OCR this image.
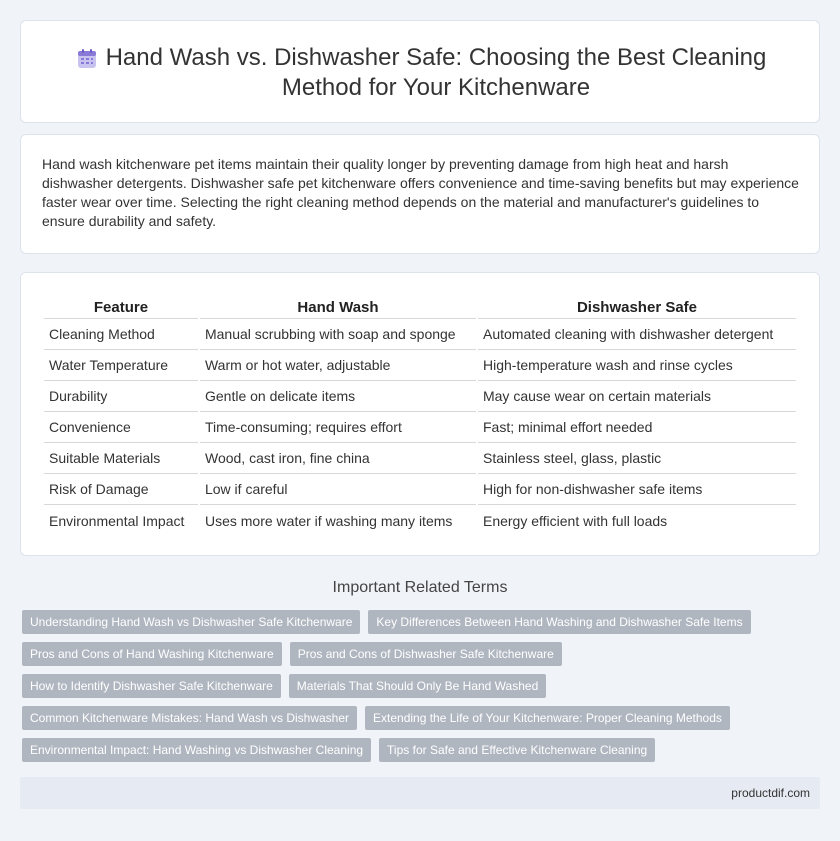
Hand Wash vs. Dishwasher Safe: Choosing the Best Cleaning Method for Your Kitchenware

Hand wash kitchenware pet items maintain their quality longer by preventing damage from high heat and harsh dishwasher detergents. Dishwasher safe pet kitchenware offers convenience and time-saving benefits but may experience faster wear over time. Selecting the right cleaning method depends on the material and manufacturer's guidelines to ensure durability and safety.

Feature	Hand Wash	Dishwasher Safe
Cleaning Method	Manual scrubbing with soap and sponge	Automated cleaning with dishwasher detergent
Water Temperature	Warm or hot water, adjustable	High-temperature wash and rinse cycles
Durability	Gentle on delicate items	May cause wear on certain materials
Convenience	Time-consuming; requires effort	Fast; minimal effort needed
Suitable Materials	Wood, cast iron, fine china	Stainless steel, glass, plastic
Risk of Damage	Low if careful	High for non-dishwasher safe items
Environmental Impact	Uses more water if washing many items	Energy efficient with full loads
Important Related Terms
Understanding Hand Wash vs Dishwasher Safe Kitchenware	Key Differences Between Hand Washing and Dishwasher Safe Items
Pros and Cons of Hand Washing Kitchenware	Pros and Cons of Dishwasher Safe Kitchenware
How to Identify Dishwasher Safe Kitchenware	Materials That Should Only Be Hand Washed
Common Kitchenware Mistakes: Hand Wash vs Dishwasher	Extending the Life of Your Kitchenware: Proper Cleaning Methods
Environmental Impact: Hand Washing vs Dishwasher Cleaning	Tips for Safe and Effective Kitchenware Cleaning
productdif.com
